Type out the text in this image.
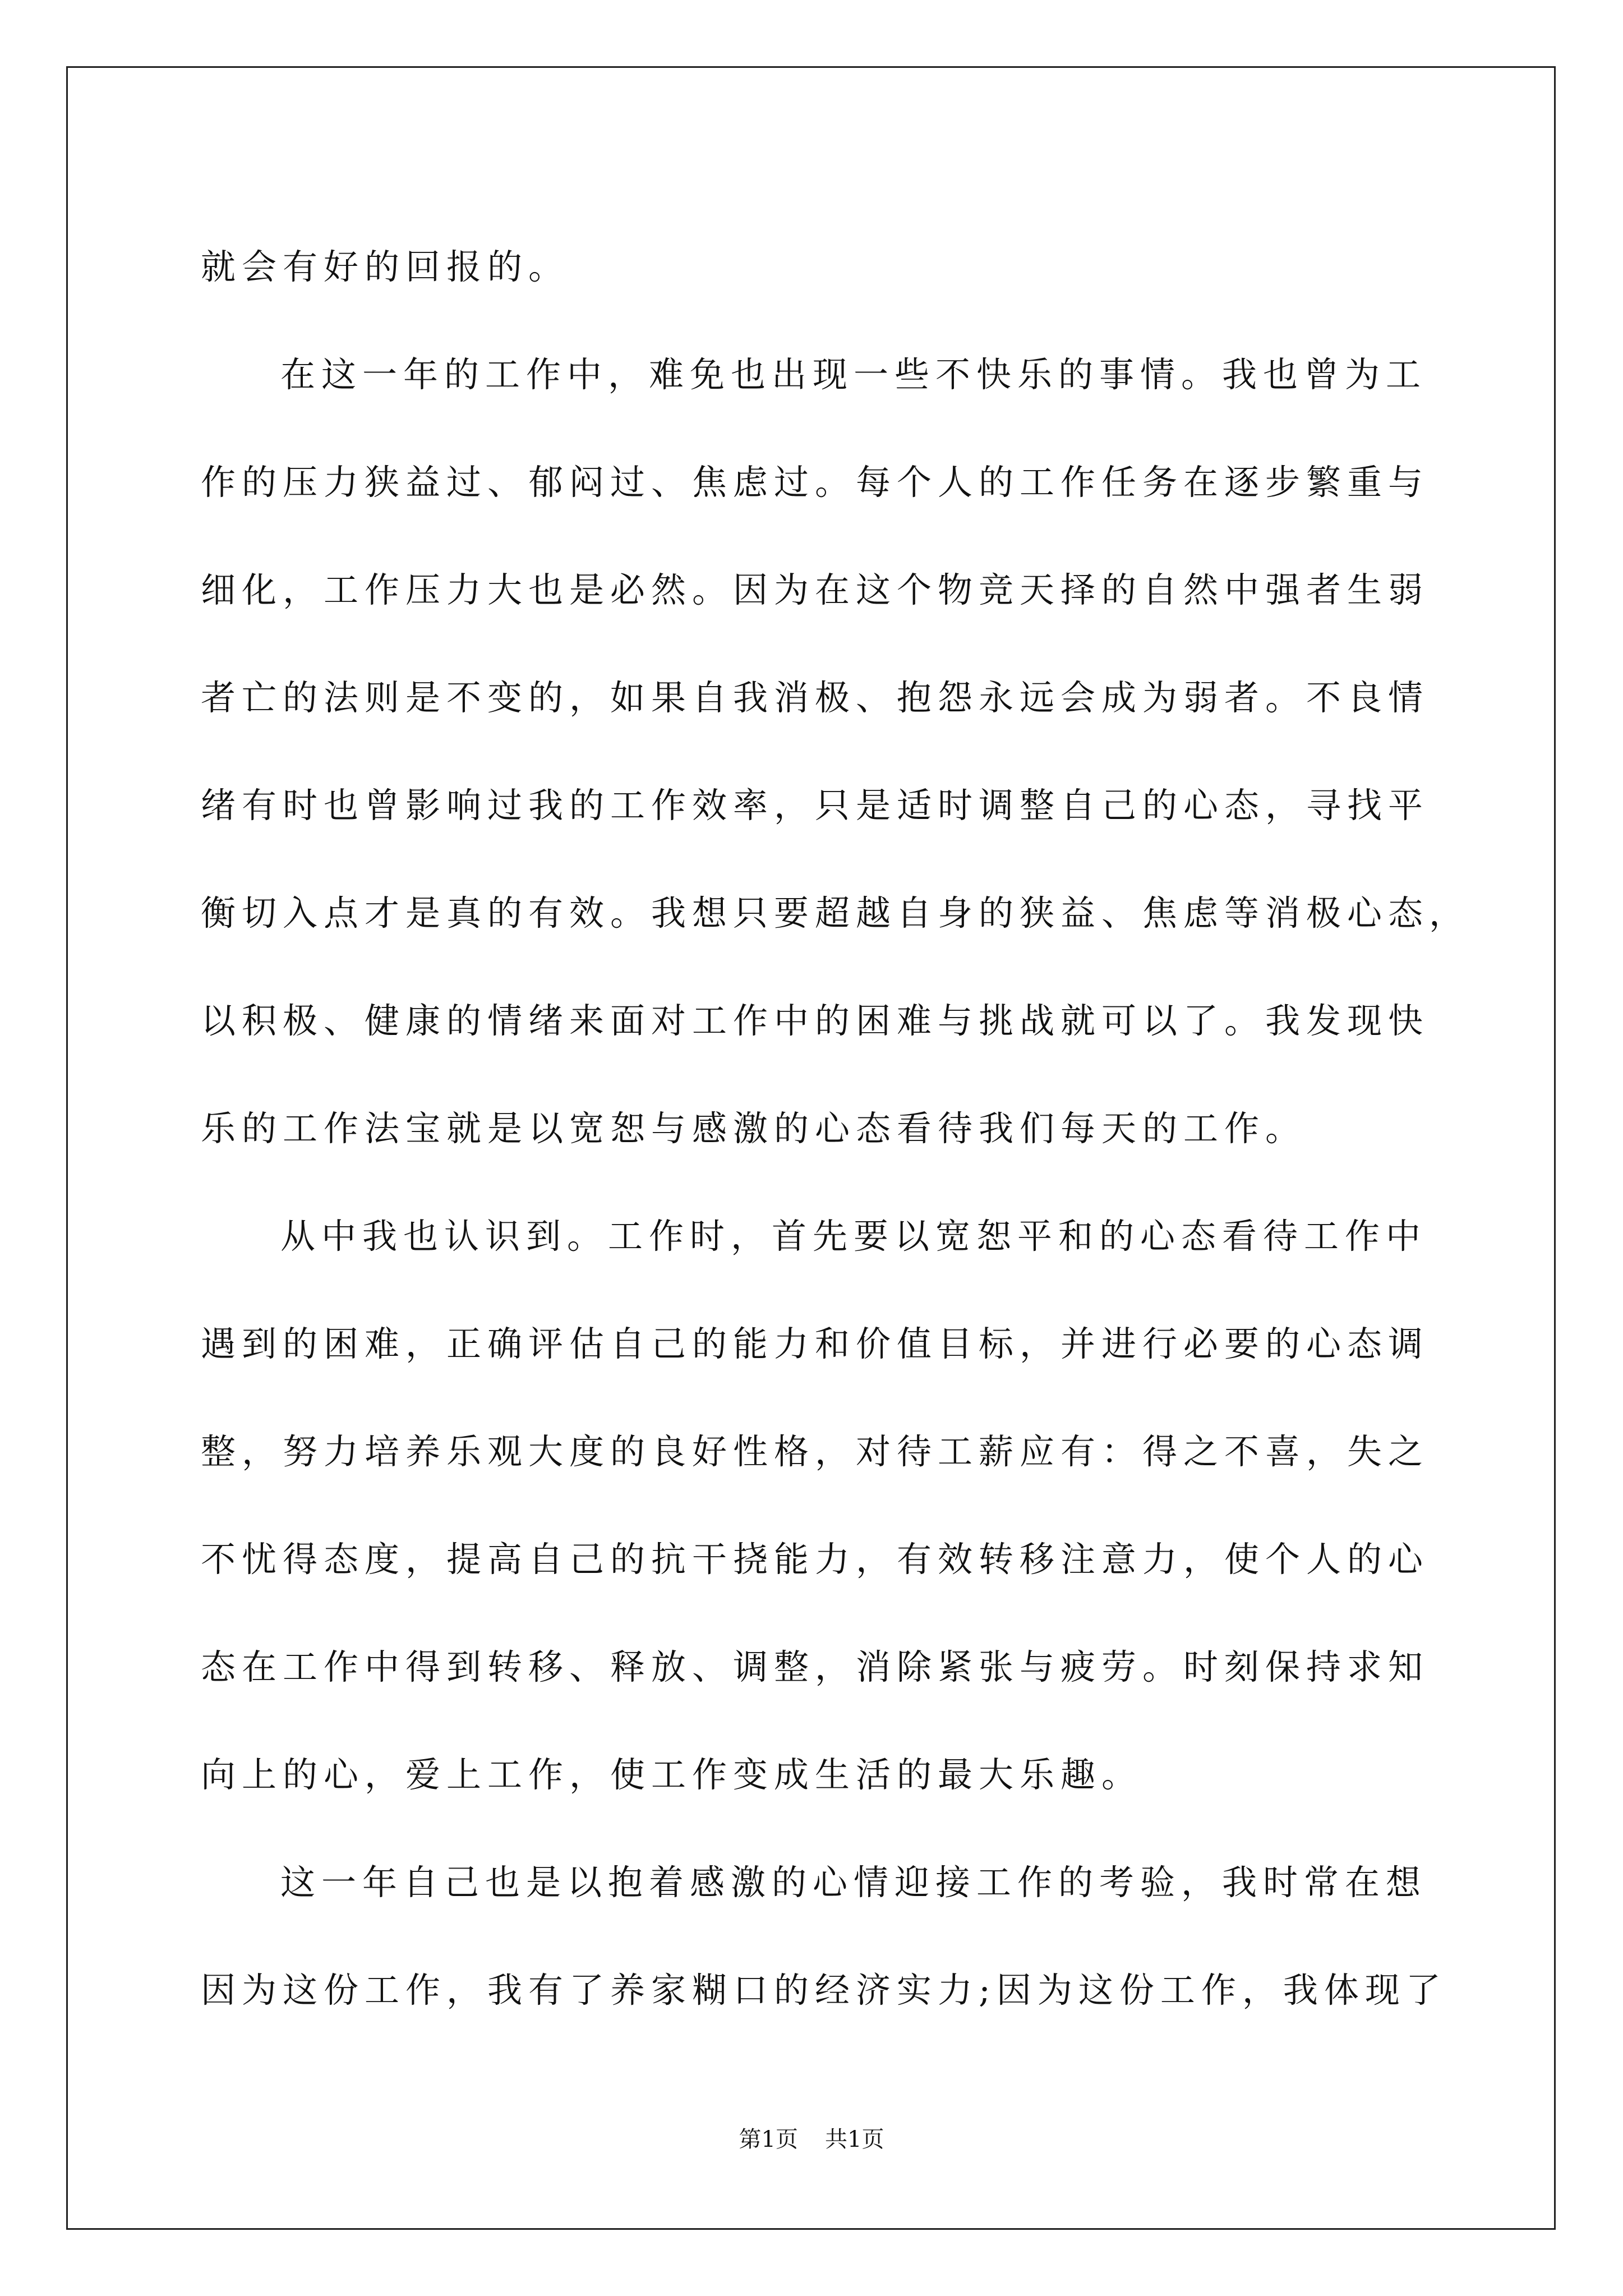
就会有好的回报的。
在这一年的工作中，难免也出现一些不快乐的事情。我也曾为工
作的压力狭益过、郁闷过、焦虑过。每个人的工作任务在逐步繁重与
细化，工作压力大也是必然。因为在这个物竞天择的自然中强者生弱
者亡的法则是不变的，如果自我消极、抱怨永远会成为弱者。不良情
绪有时也曾影响过我的工作效率，只是适时调整自己的心态，寻找平
衡切入点才是真的有效。我想只要超越自身的狭益、焦虑等消极心态，
以积极、健康的情绪来面对工作中的困难与挑战就可以了。我发现快
乐的工作法宝就是以宽恕与感激的心态看待我们每天的工作。
从中我也认识到。工作时，首先要以宽恕平和的心态看待工作中
遇到的困难，正确评估自己的能力和价值目标，并进行必要的心态调
整，努力培养乐观大度的良好性格，对待工薪应有：得之不喜，失之
不忧得态度，提高自己的抗干挠能力，有效转移注意力，使个人的心
态在工作中得到转移、释放、调整，消除紧张与疲劳。时刻保持求知
向上的心，爱上工作，使工作变成生活的最大乐趣。
这一年自己也是以抱着感激的心情迎接工作的考验，我时常在想
因为这份工作，我有了养家糊口的经济实力;因为这份工作，我体现了
第1页 共1页
